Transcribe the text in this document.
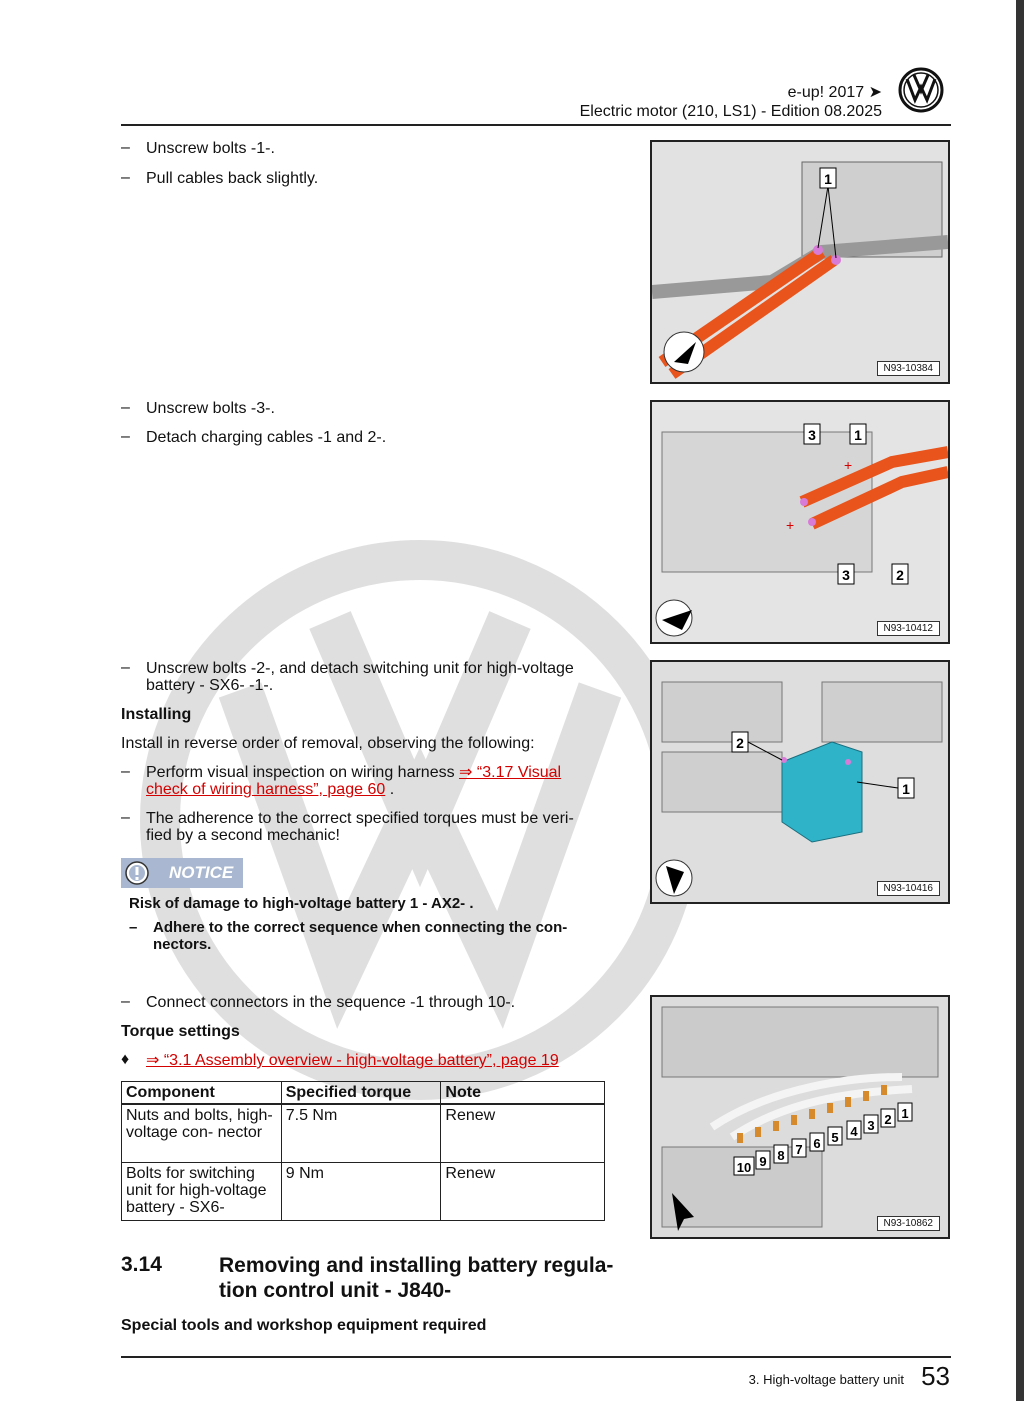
e-up! 2017 ➤
Electric motor (210, LS1) - Edition 08.2025
– Unscrew bolts -1-.
– Pull cables back slightly.
– Unscrew bolts -3-.
– Detach charging cables -1 and 2-.
– Unscrew bolts -2-, and detach switching unit for high-voltage
battery - SX6- -1-.
Installing
Install in reverse order of removal, observing the following:
– Perform visual inspection on wiring harness ⇒ “3.17 Visual
check of wiring harness”, page 60 .
– The adherence to the correct specified torques must be veri-
fied by a second mechanic!
NOTICE
Risk of damage to high-voltage battery 1 - AX2- .
– Adhere to the correct sequence when connecting the con-
nectors.
– Connect connectors in the sequence -1 through 10-.
Torque settings
♦ ⇒ “3.1 Assembly overview - high-voltage battery”, page 19
Component	Specified torque	Note
Nuts and bolts, high-voltage con- nector	7.5 Nm	Renew
Bolts for switching unit for high-voltage battery - SX6-	9 Nm	Renew
3.14	Removing and installing battery regula-
tion control unit - J840-
Special tools and workshop equipment required
1
N93-10384
+
+
3	1
3	2
N93-10412
2
1
N93-10416
1
2
3
4
5
6
7
8
9
10
N93-10862
3. High-voltage battery unit 53
